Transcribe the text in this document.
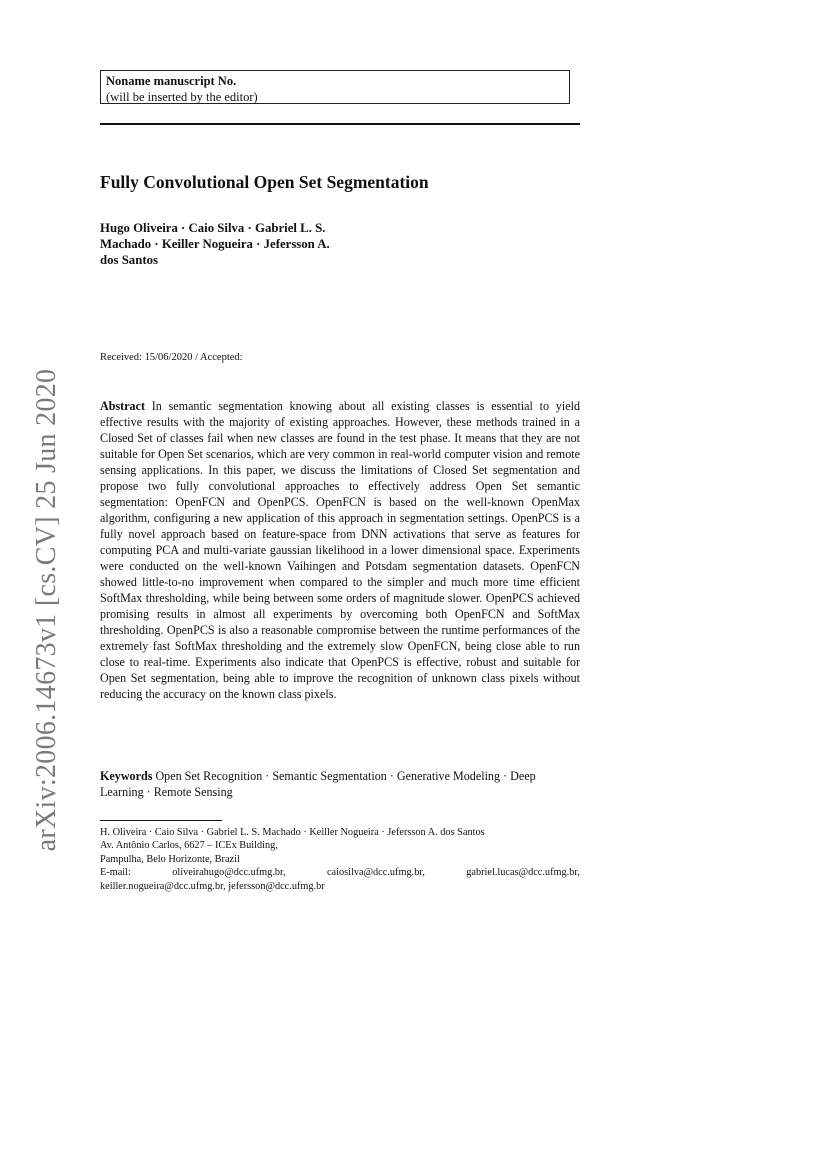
Noname manuscript No.
(will be inserted by the editor)
Fully Convolutional Open Set Segmentation
Hugo Oliveira · Caio Silva · Gabriel L. S.
Machado · Keiller Nogueira · Jefersson A.
dos Santos
Received: 15/06/2020 / Accepted:

Abstract In semantic segmentation knowing about all existing classes is essential to yield effective results with the majority of existing approaches. However, these methods trained in a Closed Set of classes fail when new classes are found in the test phase. It means that they are not suitable for Open Set scenarios, which are very common in real-world computer vision and remote sensing applications. In this paper, we discuss the limitations of Closed Set segmentation and propose two fully convolutional approaches to effectively address Open Set semantic segmentation: OpenFCN and OpenPCS. OpenFCN is based on the well-known OpenMax algorithm, configuring a new application of this approach in segmentation settings. OpenPCS is a fully novel approach based on feature-space from DNN activations that serve as features for computing PCA and multi-variate gaussian likelihood in a lower dimensional space. Experiments were conducted on the well-known Vaihingen and Potsdam segmentation datasets. OpenFCN showed little-to-no improvement when compared to the simpler and much more time efficient SoftMax thresholding, while being between some orders of magnitude slower. OpenPCS achieved promising results in almost all experiments by overcoming both OpenFCN and SoftMax thresholding. OpenPCS is also a reasonable compromise between the runtime performances of the extremely fast SoftMax thresholding and the extremely slow OpenFCN, being close able to run close to real-time. Experiments also indicate that OpenPCS is effective, robust and suitable for Open Set segmentation, being able to improve the recognition of unknown class pixels without reducing the accuracy on the known class pixels.

Keywords Open Set Recognition · Semantic Segmentation · Generative Modeling · Deep Learning · Remote Sensing

H. Oliveira · Caio Silva · Gabriel L. S. Machado · Keiller Nogueira · Jefersson A. dos Santos
Av. Antônio Carlos, 6627 – ICEx Building,
Pampulha, Belo Horizonte, Brazil
E-mail:	oliveirahugo@dcc.ufmg.br,	caiosilva@dcc.ufmg.br,	gabriel.lucas@dcc.ufmg.br,
keiller.nogueira@dcc.ufmg.br, jefersson@dcc.ufmg.br
arXiv:2006.14673v1 [cs.CV] 25 Jun 2020
